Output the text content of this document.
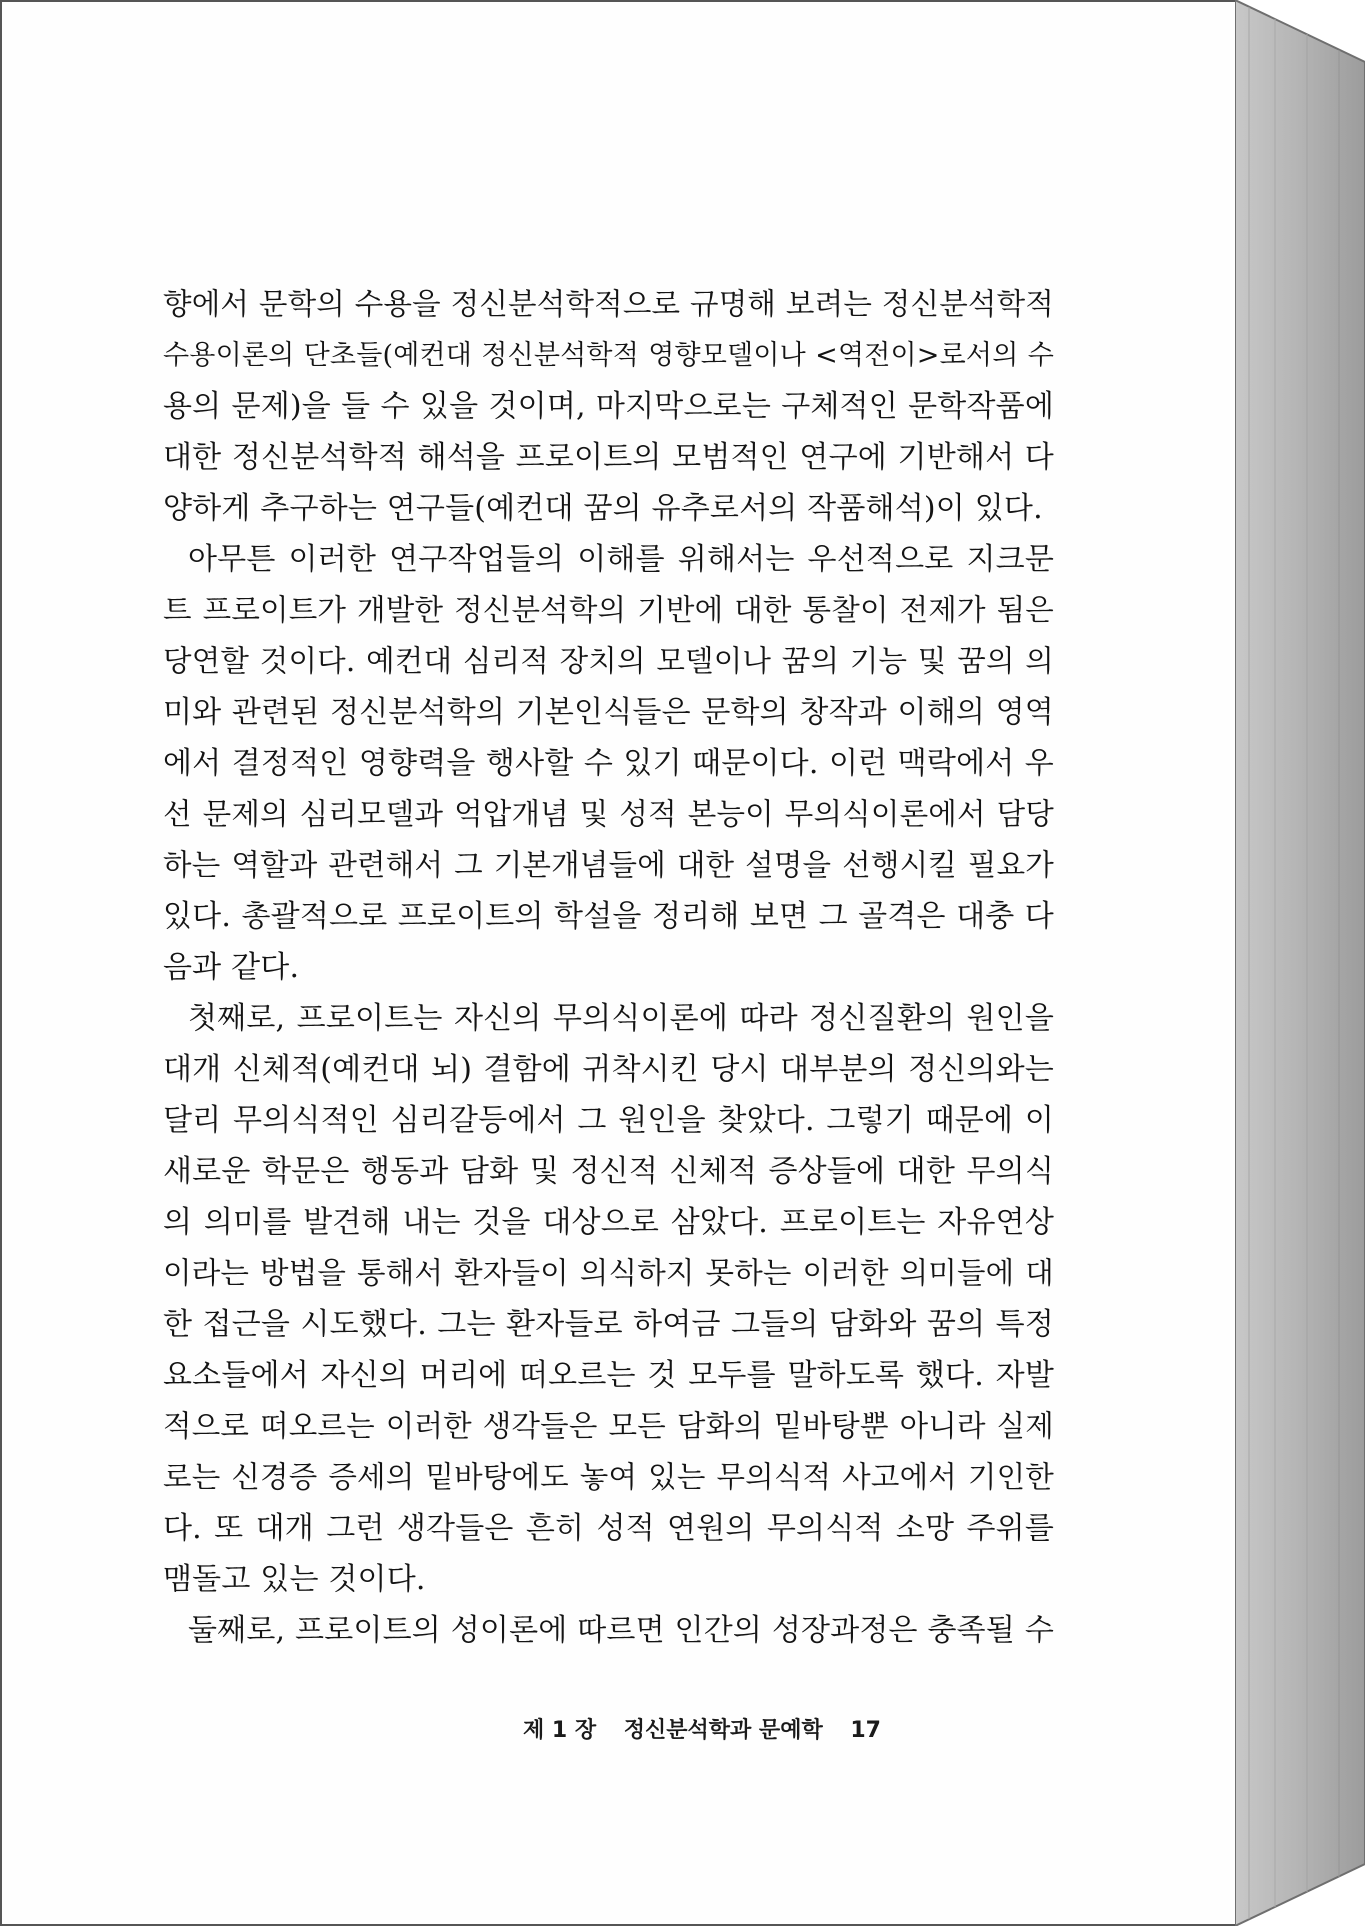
향에서 문학의 수용을 정신분석학적으로 규명해 보려는 정신분석학적
수용이론의 단초들(예컨대 정신분석학적 영향모델이나 <역전이>로서의 수
용의 문제)을 들 수 있을 것이며, 마지막으로는 구체적인 문학작품에
대한 정신분석학적 해석을 프로이트의 모범적인 연구에 기반해서 다
양하게 추구하는 연구들(예컨대 꿈의 유추로서의 작품해석)이 있다.
아무튼 이러한 연구작업들의 이해를 위해서는 우선적으로 지크문
트 프로이트가 개발한 정신분석학의 기반에 대한 통찰이 전제가 됨은
당연할 것이다. 예컨대 심리적 장치의 모델이나 꿈의 기능 및 꿈의 의
미와 관련된 정신분석학의 기본인식들은 문학의 창작과 이해의 영역
에서 결정적인 영향력을 행사할 수 있기 때문이다. 이런 맥락에서 우
선 문제의 심리모델과 억압개념 및 성적 본능이 무의식이론에서 담당
하는 역할과 관련해서 그 기본개념들에 대한 설명을 선행시킬 필요가
있다. 총괄적으로 프로이트의 학설을 정리해 보면 그 골격은 대충 다
음과 같다.
첫째로, 프로이트는 자신의 무의식이론에 따라 정신질환의 원인을
대개 신체적(예컨대 뇌) 결함에 귀착시킨 당시 대부분의 정신의와는
달리 무의식적인 심리갈등에서 그 원인을 찾았다. 그렇기 때문에 이
새로운 학문은 행동과 담화 및 정신적 신체적 증상들에 대한 무의식
의 의미를 발견해 내는 것을 대상으로 삼았다. 프로이트는 자유연상
이라는 방법을 통해서 환자들이 의식하지 못하는 이러한 의미들에 대
한 접근을 시도했다. 그는 환자들로 하여금 그들의 담화와 꿈의 특정
요소들에서 자신의 머리에 떠오르는 것 모두를 말하도록 했다. 자발
적으로 떠오르는 이러한 생각들은 모든 담화의 밑바탕뿐 아니라 실제
로는 신경증 증세의 밑바탕에도 놓여 있는 무의식적 사고에서 기인한
다. 또 대개 그런 생각들은 흔히 성적 연원의 무의식적 소망 주위를
맴돌고 있는 것이다.
둘째로, 프로이트의 성이론에 따르면 인간의 성장과정은 충족될 수
제 1 장 정신분석학과 문예학 17
